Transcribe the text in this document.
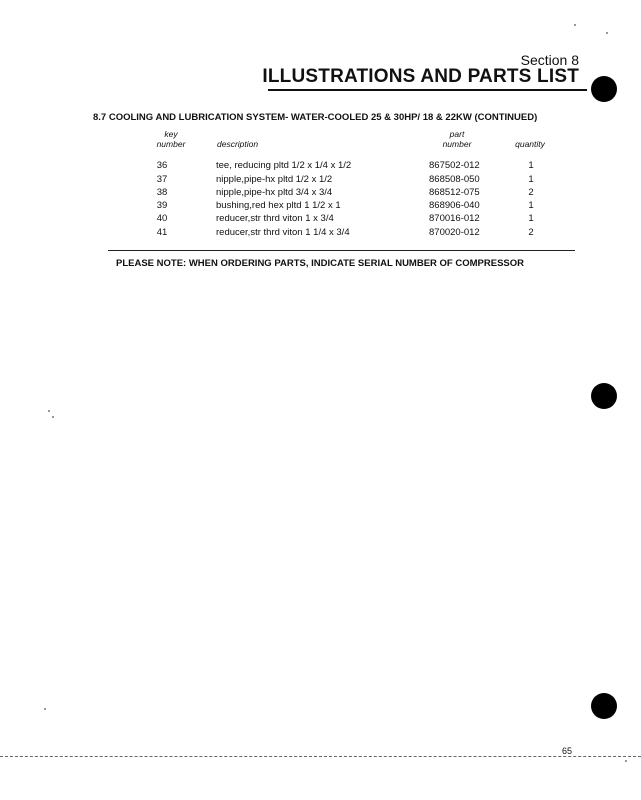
Section 8
ILLUSTRATIONS AND PARTS LIST
8.7 COOLING AND LUBRICATION SYSTEM- WATER-COOLED 25 & 30HP/ 18 & 22KW (CONTINUED)
key
number	description
part
number	quantity
36	tee, reducing pltd 1/2 x 1/4 x 1/2	867502-012	1
37	nipple,pipe-hx pltd 1/2 x 1/2	868508-050	1
38	nipple,pipe-hx pltd 3/4 x 3/4	868512-075	2
39	bushing,red hex pltd 1 1/2 x 1	868906-040	1
40	reducer,str thrd viton 1 x 3/4	870016-012	1
41	reducer,str thrd viton 1 1/4 x 3/4	870020-012	2
PLEASE NOTE: WHEN ORDERING PARTS, INDICATE SERIAL NUMBER OF COMPRESSOR
65
